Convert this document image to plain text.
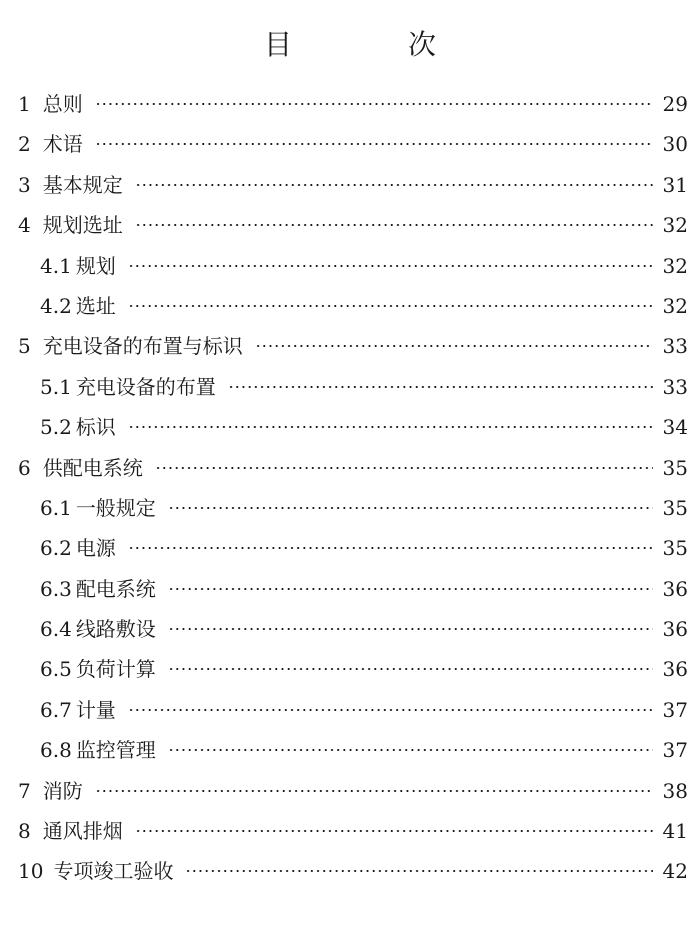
目　次
1 总则	29
2 术语	30
3 基本规定	31
4 规划选址	32
4.1 规划	32
4.2 选址	32
5 充电设备的布置与标识	33
5.1 充电设备的布置	33
5.2 标识	34
6 供配电系统	35
6.1 一般规定	35
6.2 电源	35
6.3 配电系统	36
6.4 线路敷设	36
6.5 负荷计算	36
6.7 计量	37
6.8 监控管理	37
7 消防	38
8 通风排烟	41
10 专项竣工验收	42
